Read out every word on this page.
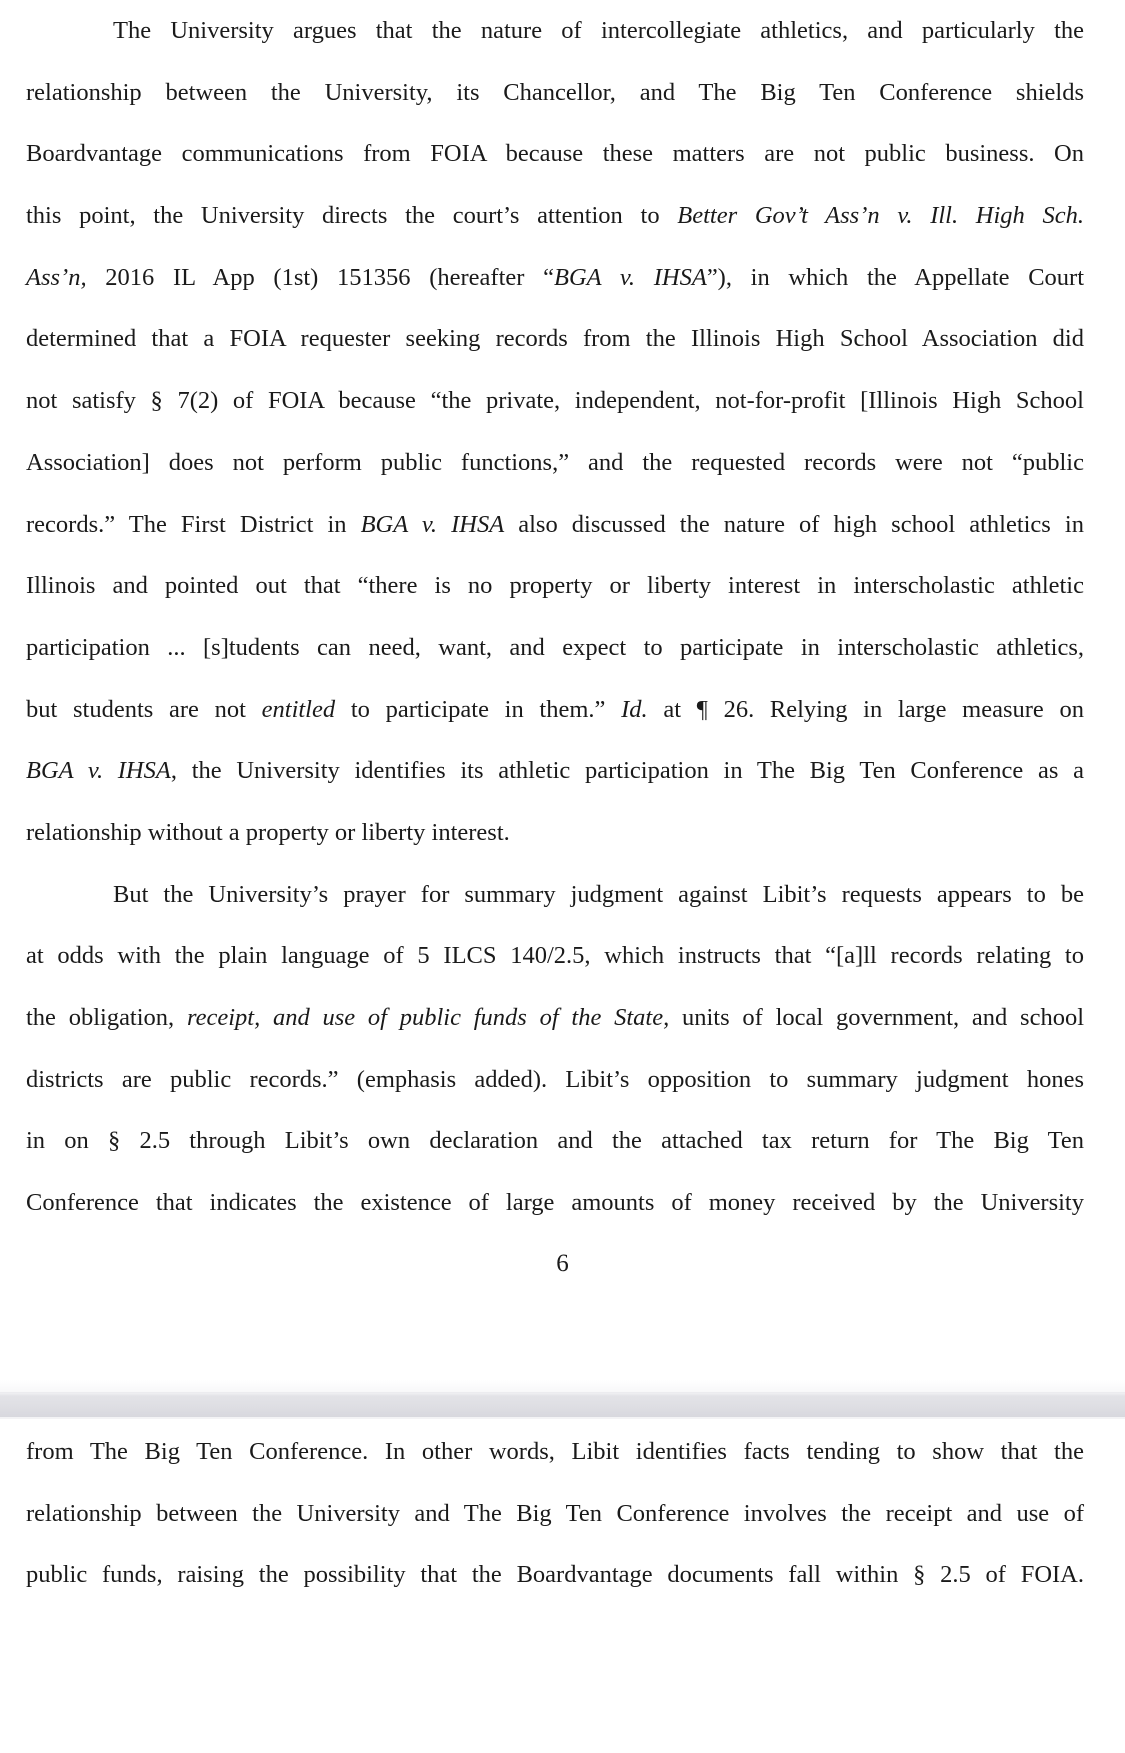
The University argues that the nature of intercollegiate athletics, and particularly the
relationship between the University, its Chancellor, and The Big Ten Conference shields
Boardvantage communications from FOIA because these matters are not public business. On
this point, the University directs the court’s attention to Better Gov’t Ass’n v. Ill. High Sch.
Ass’n, 2016 IL App (1st) 151356 (hereafter “BGA v. IHSA”), in which the Appellate Court
determined that a FOIA requester seeking records from the Illinois High School Association did
not satisfy § 7(2) of FOIA because “the private, independent, not-for-profit [Illinois High School
Association] does not perform public functions,” and the requested records were not “public
records.” The First District in BGA v. IHSA also discussed the nature of high school athletics in
Illinois and pointed out that “there is no property or liberty interest in interscholastic athletic
participation ... [s]tudents can need, want, and expect to participate in interscholastic athletics,
but students are not entitled to participate in them.” Id. at ¶ 26. Relying in large measure on
BGA v. IHSA, the University identifies its athletic participation in The Big Ten Conference as a
relationship without a property or liberty interest.
But the University’s prayer for summary judgment against Libit’s requests appears to be
at odds with the plain language of 5 ILCS 140/2.5, which instructs that “[a]ll records relating to
the obligation, receipt, and use of public funds of the State, units of local government, and school
districts are public records.” (emphasis added). Libit’s opposition to summary judgment hones
in on § 2.5 through Libit’s own declaration and the attached tax return for The Big Ten
Conference that indicates the existence of large amounts of money received by the University
6
from The Big Ten Conference. In other words, Libit identifies facts tending to show that the
relationship between the University and The Big Ten Conference involves the receipt and use of
public funds, raising the possibility that the Boardvantage documents fall within § 2.5 of FOIA.
